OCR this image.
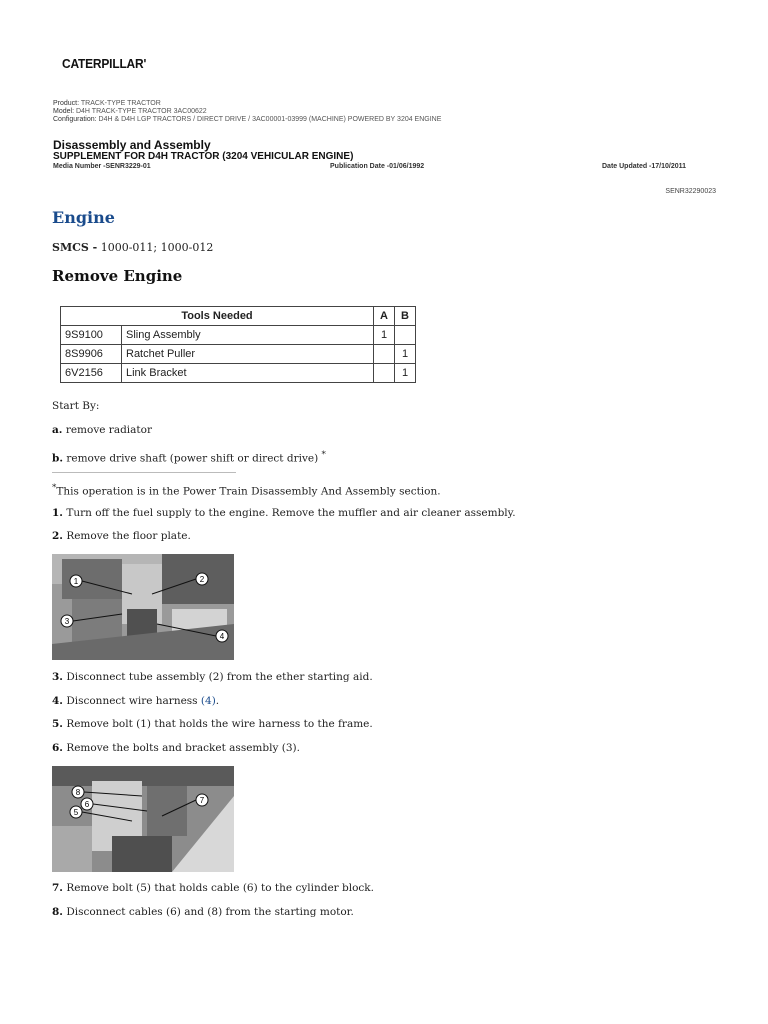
CATERPILLAR'
Product: TRACK-TYPE TRACTOR
Model: D4H TRACK-TYPE TRACTOR 3AC00622
Configuration: D4H & D4H LGP TRACTORS / DIRECT DRIVE / 3AC00001-03999 (MACHINE) POWERED BY 3204 ENGINE
Disassembly and Assembly
SUPPLEMENT FOR D4H TRACTOR (3204 VEHICULAR ENGINE)
Media Number -SENR3229-01	Publication Date -01/06/1992	Date Updated -17/10/2011
SENR32290023
Engine
SMCS - 1000-011; 1000-012
Remove Engine
Tools Needed		A	B
9S9100	Sling Assembly	1	
8S9906	Ratchet Puller		1
6V2156	Link Bracket		1
Start By:
a. remove radiator
b. remove drive shaft (power shift or direct drive) *
*This operation is in the Power Train Disassembly And Assembly section.
1. Turn off the fuel supply to the engine. Remove the muffler and air cleaner assembly.
2. Remove the floor plate.
1	2
3
4
3. Disconnect tube assembly (2) from the ether starting aid.
4. Disconnect wire harness (4).
5. Remove bolt (1) that holds the wire harness to the frame.
6. Remove the bolts and bracket assembly (3).
8
5
6	7
7. Remove bolt (5) that holds cable (6) to the cylinder block.
8. Disconnect cables (6) and (8) from the starting motor.
